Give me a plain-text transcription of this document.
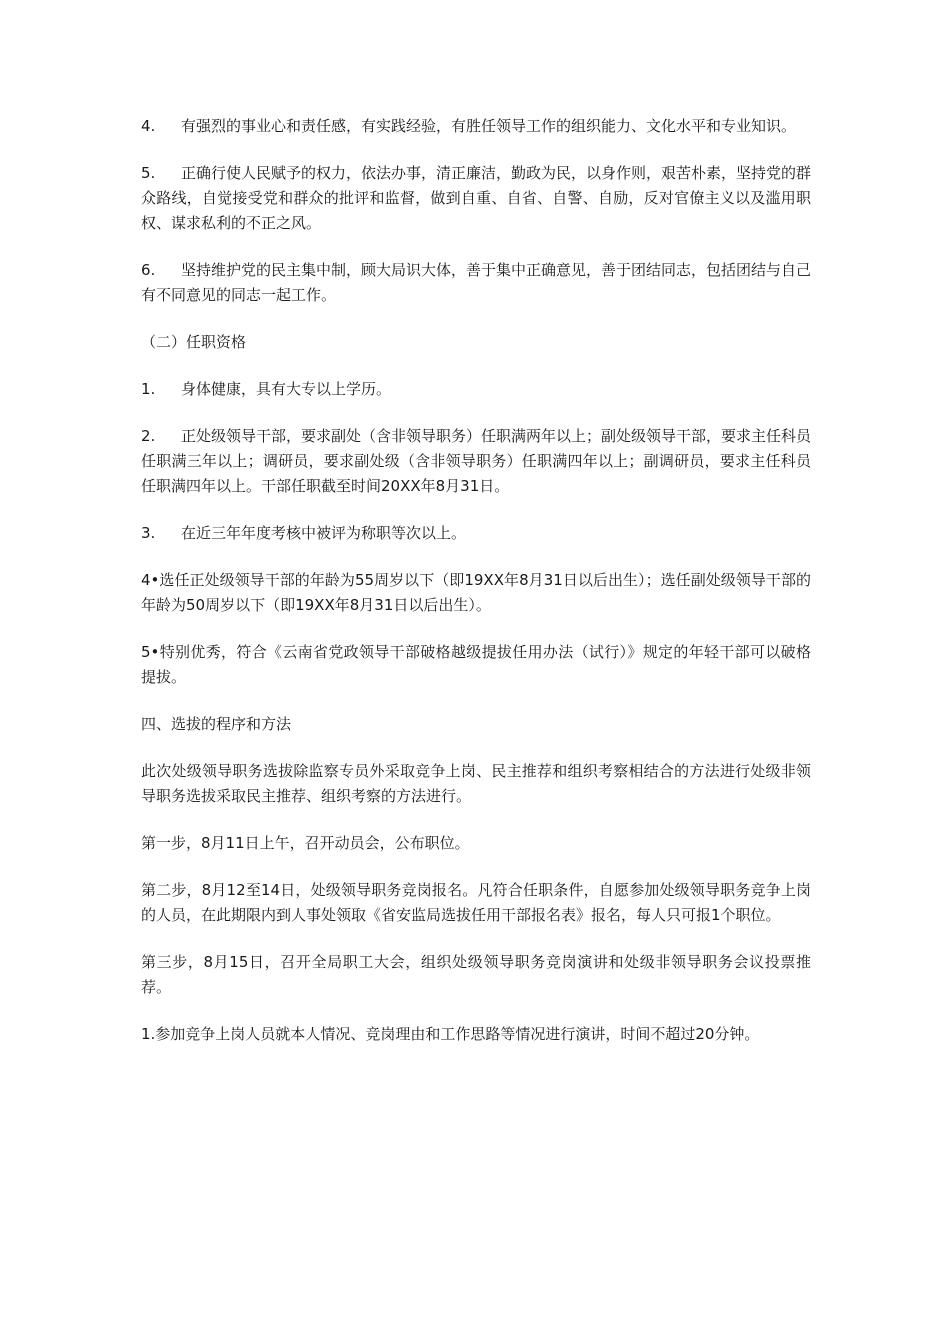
4. 有强烈的事业心和责任感，有实践经验，有胜任领导工作的组织能力、文化水平和专业知识。

5. 正确行使人民赋予的权力，依法办事，清正廉洁，勤政为民，以身作则，艰苦朴素，坚持党的群众路线，自觉接受党和群众的批评和监督，做到自重、自省、自警、自励，反对官僚主义以及滥用职权、谋求私利的不正之风。

6. 坚持维护党的民主集中制，顾大局识大体，善于集中正确意见，善于团结同志，包括团结与自己有不同意见的同志一起工作。

（二）任职资格

1. 身体健康，具有大专以上学历。

2. 正处级领导干部，要求副处（含非领导职务）任职满两年以上；副处级领导干部，要求主任科员任职满三年以上；调研员，要求副处级（含非领导职务）任职满四年以上；副调研员，要求主任科员任职满四年以上。干部任职截至时间20XX年8月31日。

3. 在近三年年度考核中被评为称职等次以上。

4•选任正处级领导干部的年龄为55周岁以下（即19XX年8月31日以后出生）；选任副处级领导干部的年龄为50周岁以下（即19XX年8月31日以后出生）。

5•特别优秀，符合《云南省党政领导干部破格越级提拔任用办法（试行）》规定的年轻干部可以破格提拔。

四、选拔的程序和方法

此次处级领导职务选拔除监察专员外采取竞争上岗、民主推荐和组织考察相结合的方法进行处级非领导职务选拔采取民主推荐、组织考察的方法进行。

第一步，8月11日上午，召开动员会，公布职位。

第二步，8月12至14日，处级领导职务竞岗报名。凡符合任职条件，自愿参加处级领导职务竞争上岗的人员，在此期限内到人事处领取《省安监局选拔任用干部报名表》报名，每人只可报1个职位。

第三步，8月15日，召开全局职工大会，组织处级领导职务竞岗演讲和处级非领导职务会议投票推荐。

1.参加竞争上岗人员就本人情况、竞岗理由和工作思路等情况进行演讲，时间不超过20分钟。
